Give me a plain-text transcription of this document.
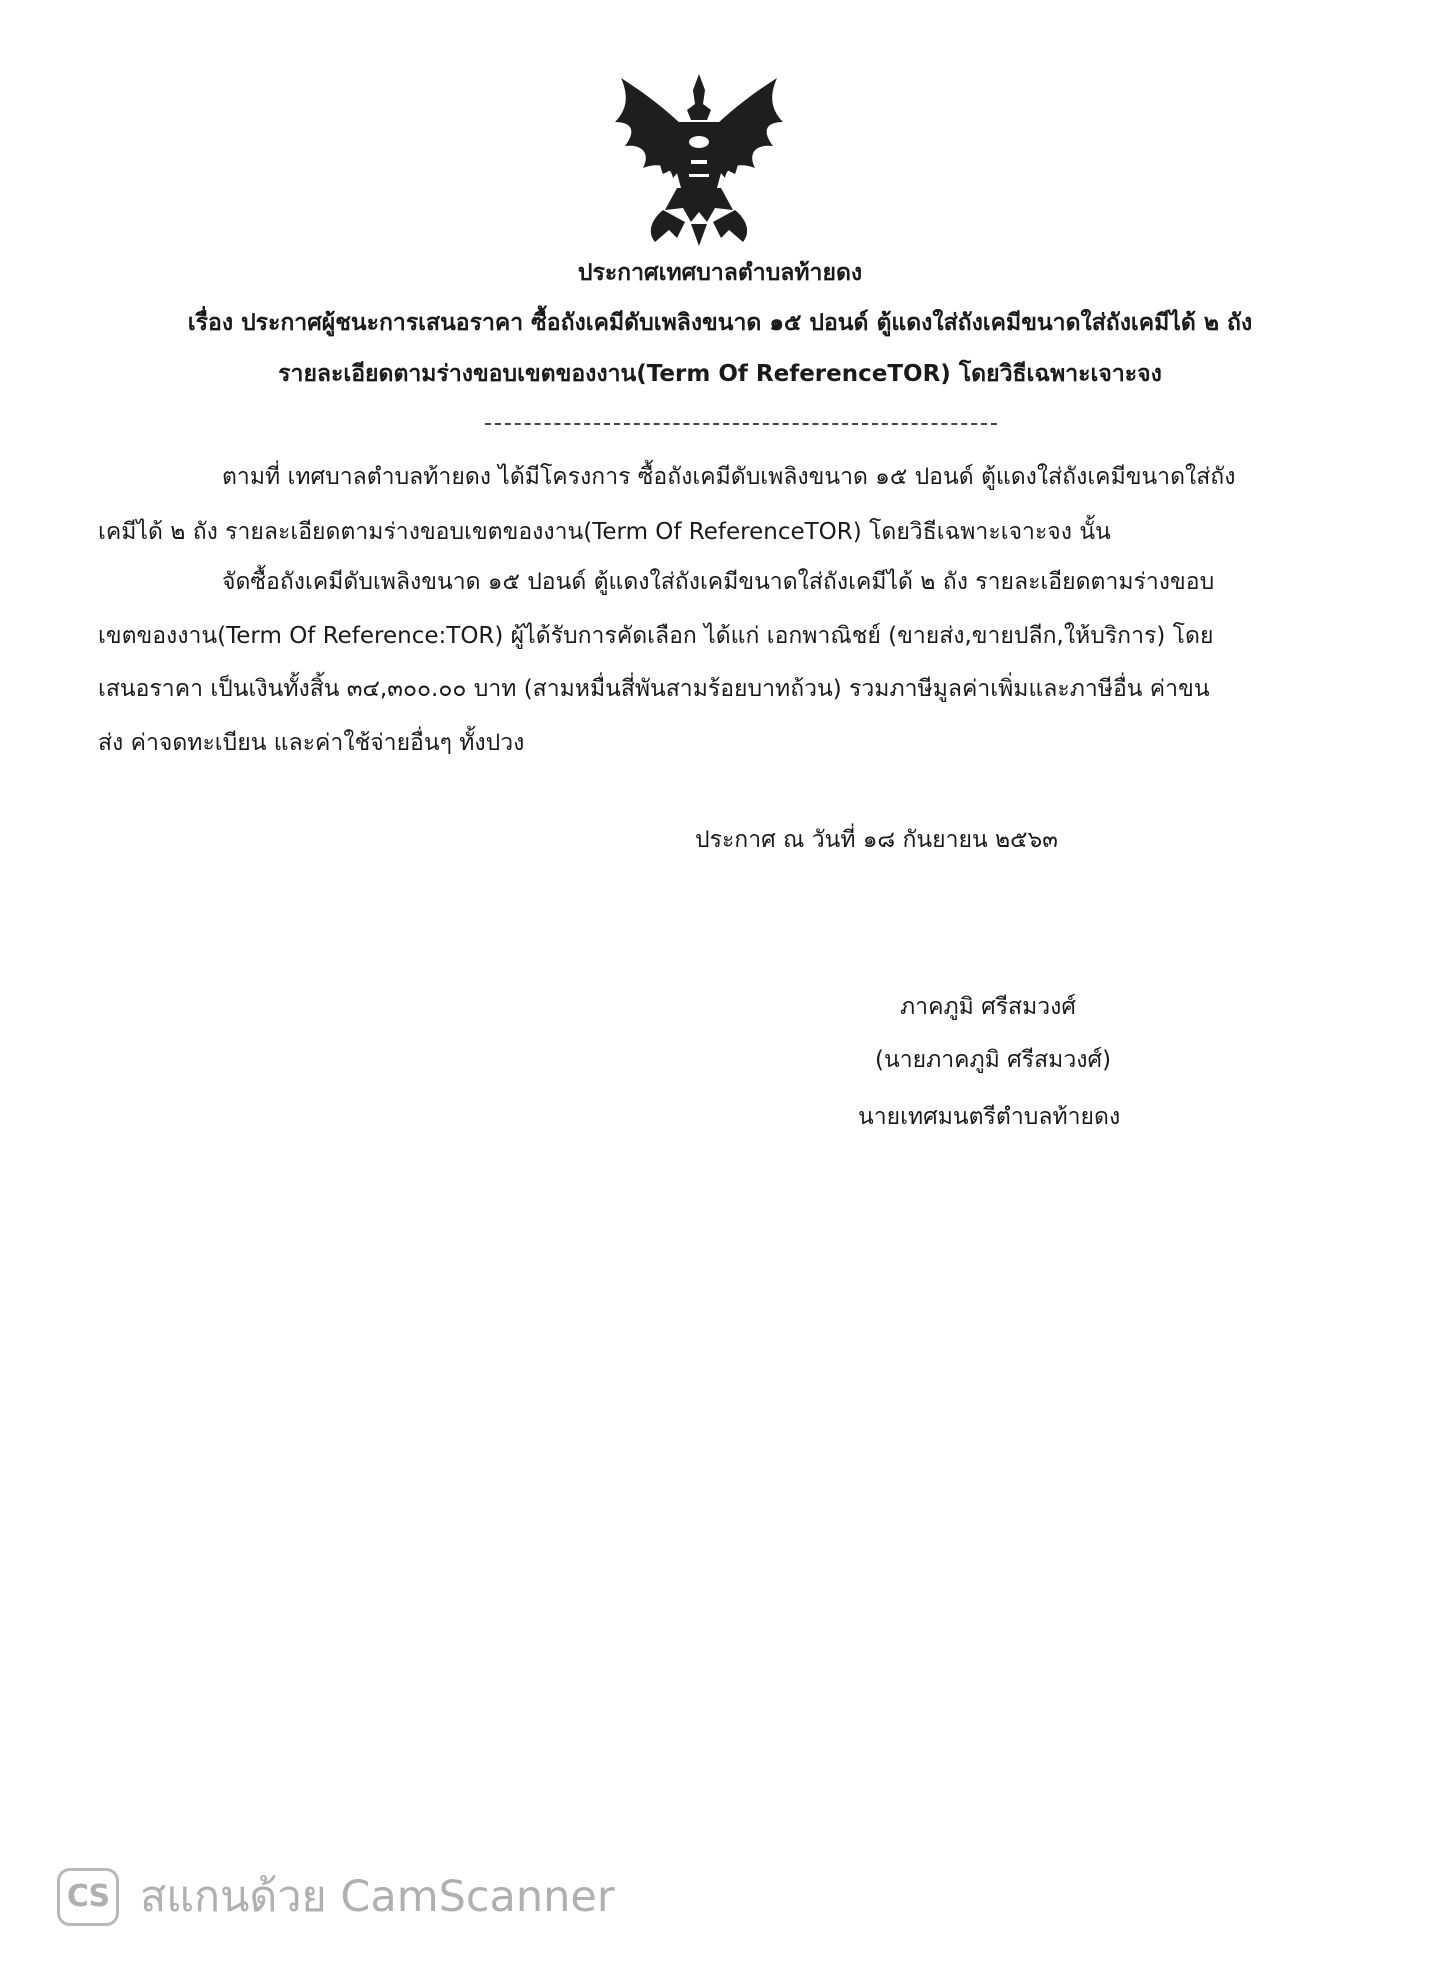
ประกาศเทศบาลตำบลท้ายดง
เรื่อง ประกาศผู้ชนะการเสนอราคา ซื้อถังเคมีดับเพลิงขนาด ๑๕ ปอนด์ ตู้แดงใส่ถังเคมีขนาดใส่ถังเคมีได้ ๒ ถัง
รายละเอียดตามร่างขอบเขตของงาน(Term Of ReferenceTOR) โดยวิธีเฉพาะเจาะจง
ตามที่ เทศบาลตำบลท้ายดง ได้มีโครงการ ซื้อถังเคมีดับเพลิงขนาด ๑๕ ปอนด์ ตู้แดงใส่ถังเคมีขนาดใส่ถัง
เคมีได้ ๒ ถัง รายละเอียดตามร่างขอบเขตของงาน(Term Of ReferenceTOR) โดยวิธีเฉพาะเจาะจง นั้น
จัดซื้อถังเคมีดับเพลิงขนาด ๑๕ ปอนด์ ตู้แดงใส่ถังเคมีขนาดใส่ถังเคมีได้ ๒ ถัง รายละเอียดตามร่างขอบ
เขตของงาน(Term Of Reference:TOR) ผู้ได้รับการคัดเลือก ได้แก่ เอกพาณิชย์ (ขายส่ง,ขายปลีก,ให้บริการ) โดย
เสนอราคา เป็นเงินทั้งสิ้น ๓๔,๓๐๐.๐๐ บาท (สามหมื่นสี่พันสามร้อยบาทถ้วน) รวมภาษีมูลค่าเพิ่มและภาษีอื่น ค่าขน
ส่ง ค่าจดทะเบียน และค่าใช้จ่ายอื่นๆ ทั้งปวง
ประกาศ ณ วันที่ ๑๘ กันยายน ๒๕๖๓
ภาคภูมิ ศรีสมวงศ์
(นายภาคภูมิ ศรีสมวงศ์)
นายเทศมนตรีตำบลท้ายดง
CS สแกนด้วย CamScanner
